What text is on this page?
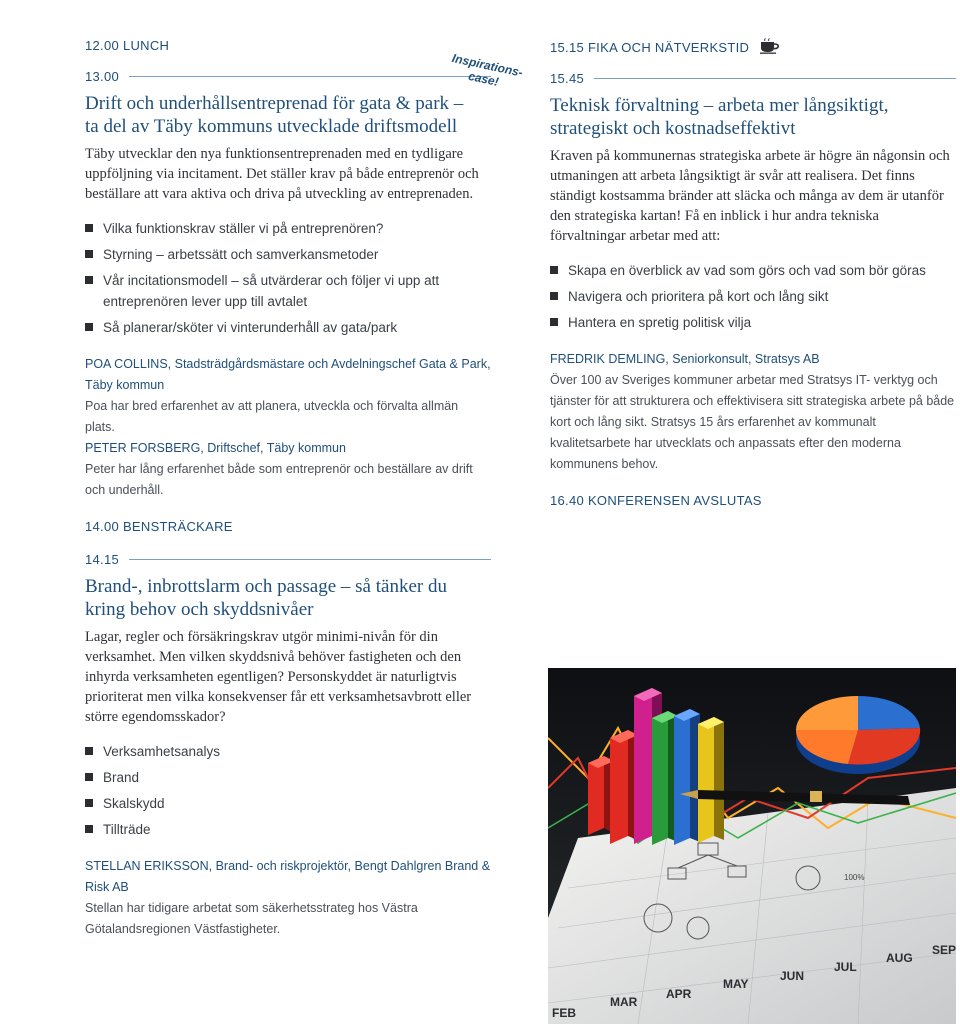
12.00 LUNCH
13.00
Drift och underhållsentreprenad för gata & park – ta del av Täby kommuns utvecklade driftsmodell

Täby utvecklar den nya funktionsentreprenaden med en tydligare uppföljning via incitament. Det ställer krav på både entreprenör och beställare att vara aktiva och driva på utveckling av entreprenaden.

Vilka funktionskrav ställer vi på entreprenören?
Styrning – arbetssätt och samverkansmetoder
Vår incitationsmodell – så utvärderar och följer vi upp att entreprenören lever upp till avtalet
Så planerar/sköter vi vinterunderhåll av gata/park
POA COLLINS, Stadsträdgårdsmästare och Avdelningschef Gata & Park, Täby kommun
Poa har bred erfarenhet av att planera, utveckla och förvalta allmän plats.
PETER FORSBERG, Driftschef, Täby kommun
Peter har lång erfarenhet både som entreprenör och beställare av drift och underhåll.
14.00 BENSTRÄCKARE
14.15
Brand-, inbrottslarm och passage – så tänker du kring behov och skyddsnivåer

Lagar, regler och försäkringskrav utgör minimi-nivån för din verksamhet. Men vilken skyddsnivå behöver fastigheten och den inhyrda verksamheten egentligen? Personskyddet är naturligtvis prioriterat men vilka konsekvenser får ett verksamhetsavbrott eller större egendomsskador?

Verksamhetsanalys
Brand
Skalskydd
Tillträde
STELLAN ERIKSSON, Brand- och riskprojektör, Bengt Dahlgren Brand & Risk AB
Stellan har tidigare arbetat som säkerhetsstrateg hos Västra Götalandsregionen Västfastigheter.
Inspirations-case!
15.15 FIKA OCH NÄTVERKSTID
15.45
Teknisk förvaltning – arbeta mer långsiktigt, strategiskt och kostnadseffektivt

Kraven på kommunernas strategiska arbete är högre än någonsin och utmaningen att arbeta långsiktigt är svår att realisera. Det finns ständigt kostsamma bränder att släcka och många av dem är utanför den strategiska kartan! Få en inblick i hur andra tekniska förvaltningar arbetar med att:

Skapa en överblick av vad som görs och vad som bör göras
Navigera och prioritera på kort och lång sikt
Hantera en spretig politisk vilja
FREDRIK DEMLING, Seniorkonsult, Stratsys AB
Över 100 av Sveriges kommuner arbetar med Stratsys IT- verktyg och tjänster för att strukturera och effektivisera sitt strategiska arbete på både kort och lång sikt. Stratsys 15 års erfarenhet av kommunalt kvalitetsarbete har utvecklats och anpassats efter den moderna kommunens behov.
16.40 KONFERENSEN AVSLUTAS
100%
FEB
MAR
APR
MAY
JUN
JUL
AUG
SEP
